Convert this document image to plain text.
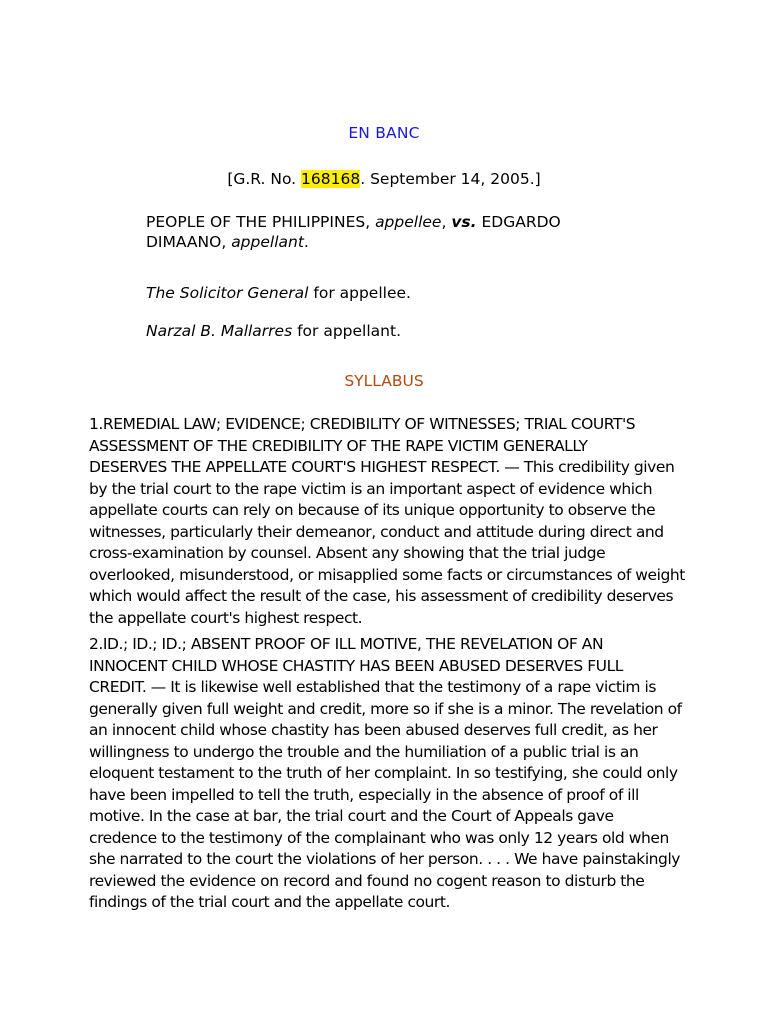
EN BANC
[G.R. No. 168168. September 14, 2005.]
PEOPLE OF THE PHILIPPINES, appellee, vs. EDGARDO
DIMAANO, appellant.
The Solicitor General for appellee.
Narzal B. Mallarres for appellant.
SYLLABUS
1.REMEDIAL LAW; EVIDENCE; CREDIBILITY OF WITNESSES; TRIAL COURT'S
ASSESSMENT OF THE CREDIBILITY OF THE RAPE VICTIM GENERALLY
DESERVES THE APPELLATE COURT'S HIGHEST RESPECT. — This credibility given
by the trial court to the rape victim is an important aspect of evidence which
appellate courts can rely on because of its unique opportunity to observe the
witnesses, particularly their demeanor, conduct and attitude during direct and
cross-examination by counsel. Absent any showing that the trial judge
overlooked, misunderstood, or misapplied some facts or circumstances of weight
which would affect the result of the case, his assessment of credibility deserves
the appellate court's highest respect.
2.ID.; ID.; ID.; ABSENT PROOF OF ILL MOTIVE, THE REVELATION OF AN
INNOCENT CHILD WHOSE CHASTITY HAS BEEN ABUSED DESERVES FULL
CREDIT. — It is likewise well established that the testimony of a rape victim is
generally given full weight and credit, more so if she is a minor. The revelation of
an innocent child whose chastity has been abused deserves full credit, as her
willingness to undergo the trouble and the humiliation of a public trial is an
eloquent testament to the truth of her complaint. In so testifying, she could only
have been impelled to tell the truth, especially in the absence of proof of ill
motive. In the case at bar, the trial court and the Court of Appeals gave
credence to the testimony of the complainant who was only 12 years old when
she narrated to the court the violations of her person. . . . We have painstakingly
reviewed the evidence on record and found no cogent reason to disturb the
findings of the trial court and the appellate court.
